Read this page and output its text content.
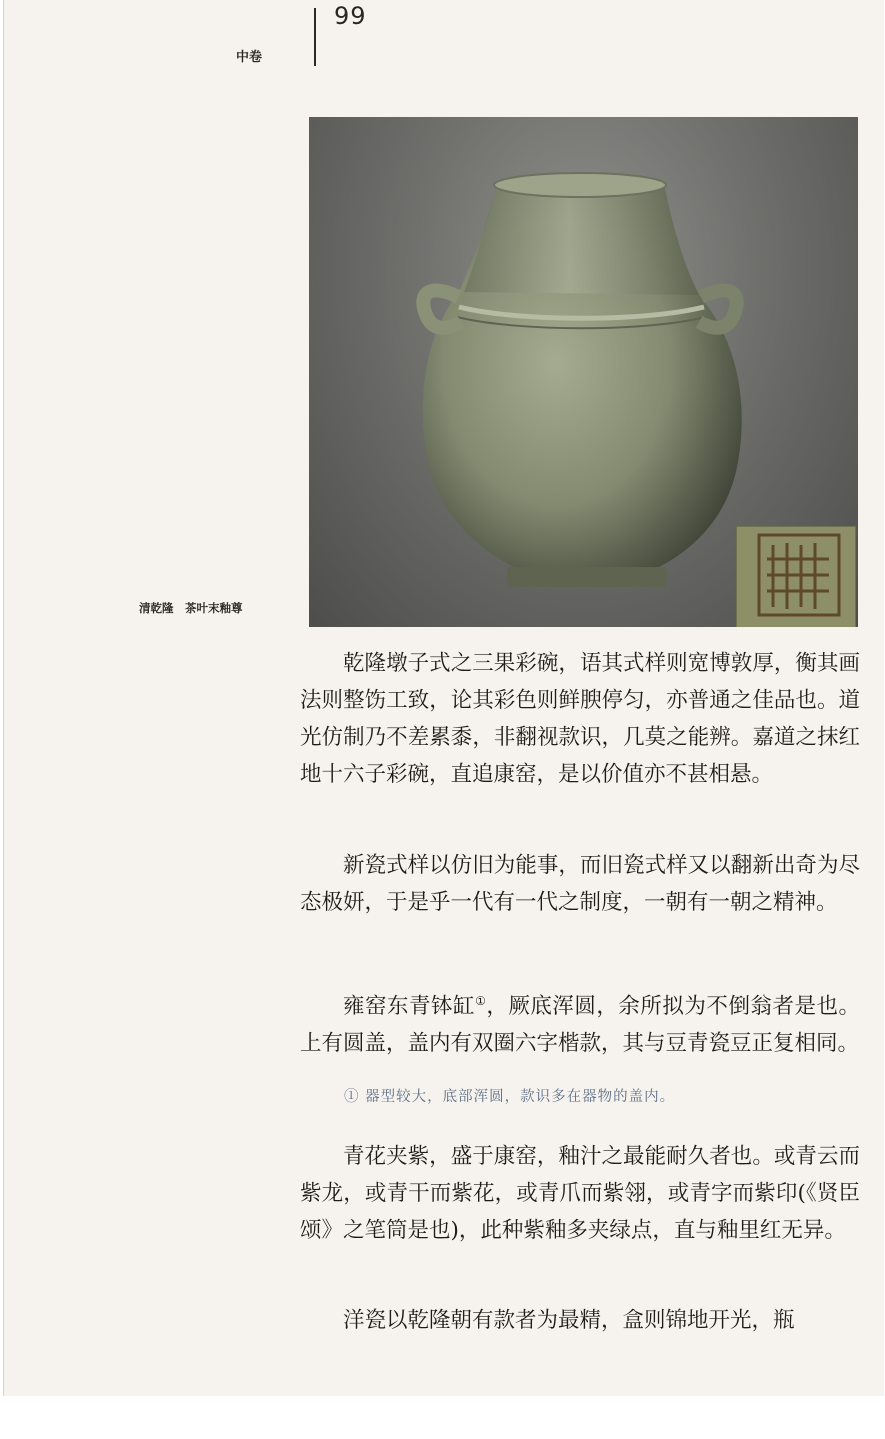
99
中卷
清乾隆　茶叶末釉尊

乾隆墩子式之三果彩碗，语其式样则宽博敦厚，衡其画法则整饬工致，论其彩色则鲜腴停匀，亦普通之佳品也。道光仿制乃不差累黍，非翻视款识，几莫之能辨。嘉道之抹红地十六子彩碗，直追康窑，是以价值亦不甚相悬。

新瓷式样以仿旧为能事，而旧瓷式样又以翻新出奇为尽态极妍，于是乎一代有一代之制度，一朝有一朝之精神。

雍窑东青钵缸①，厥底浑圆，余所拟为不倒翁者是也。上有圆盖，盖内有双圈六字楷款，其与豆青瓷豆正复相同。

① 器型较大，底部浑圆，款识多在器物的盖内。

青花夹紫，盛于康窑，釉汁之最能耐久者也。或青云而紫龙，或青干而紫花，或青爪而紫翎，或青字而紫印(《贤臣颂》之笔筒是也)，此种紫釉多夹绿点，直与釉里红无异。

洋瓷以乾隆朝有款者为最精，盒则锦地开光，瓶
